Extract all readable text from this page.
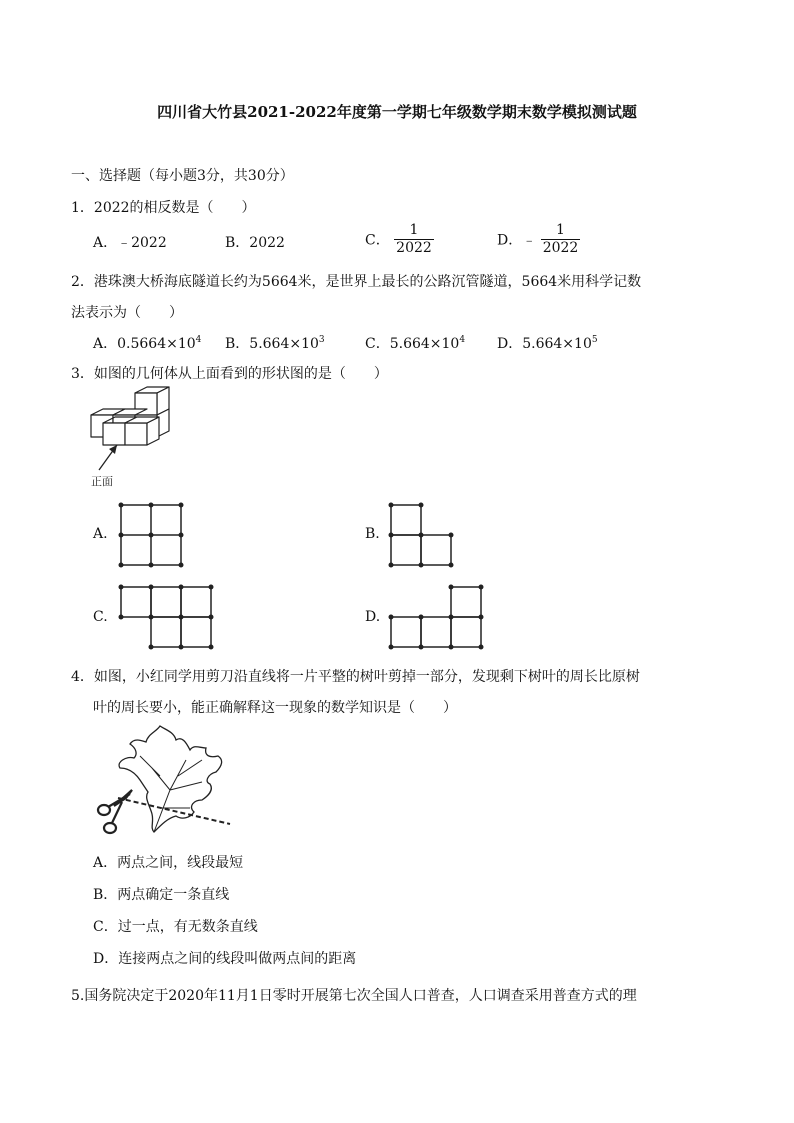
四川省大竹县2021-2022年度第一学期七年级数学期末数学模拟测试题
一、选择题（每小题3分，共30分）
1．2022的相反数是（　　）
A．﹣2022	B．2022	C． $\frac{1}{2022}$	D．﹣ $\frac{1}{2022}$
2．港珠澳大桥海底隧道长约为5664米，是世界上最长的公路沉管隧道，5664米用科学记数
法表示为（　　）
A．$0.5664\times 10^4$ B．$5.664\times 10^3$	C．$5.664\times 10^4$ D．$5.664\times 10^5$
3．如图的几何体从上面看到的形状图的是（　　）
正面
A.	B.
C.	D.
4．如图，小红同学用剪刀沿直线将一片平整的树叶剪掉一部分，发现剩下树叶的周长比原树
叶的周长要小，能正确解释这一现象的数学知识是（　　）
A．两点之间，线段最短
B．两点确定一条直线
C．过一点，有无数条直线
D．连接两点之间的线段叫做两点间的距离
5.国务院决定于2020年11月1日零时开展第七次全国人口普查，人口调查采用普查方式的理
